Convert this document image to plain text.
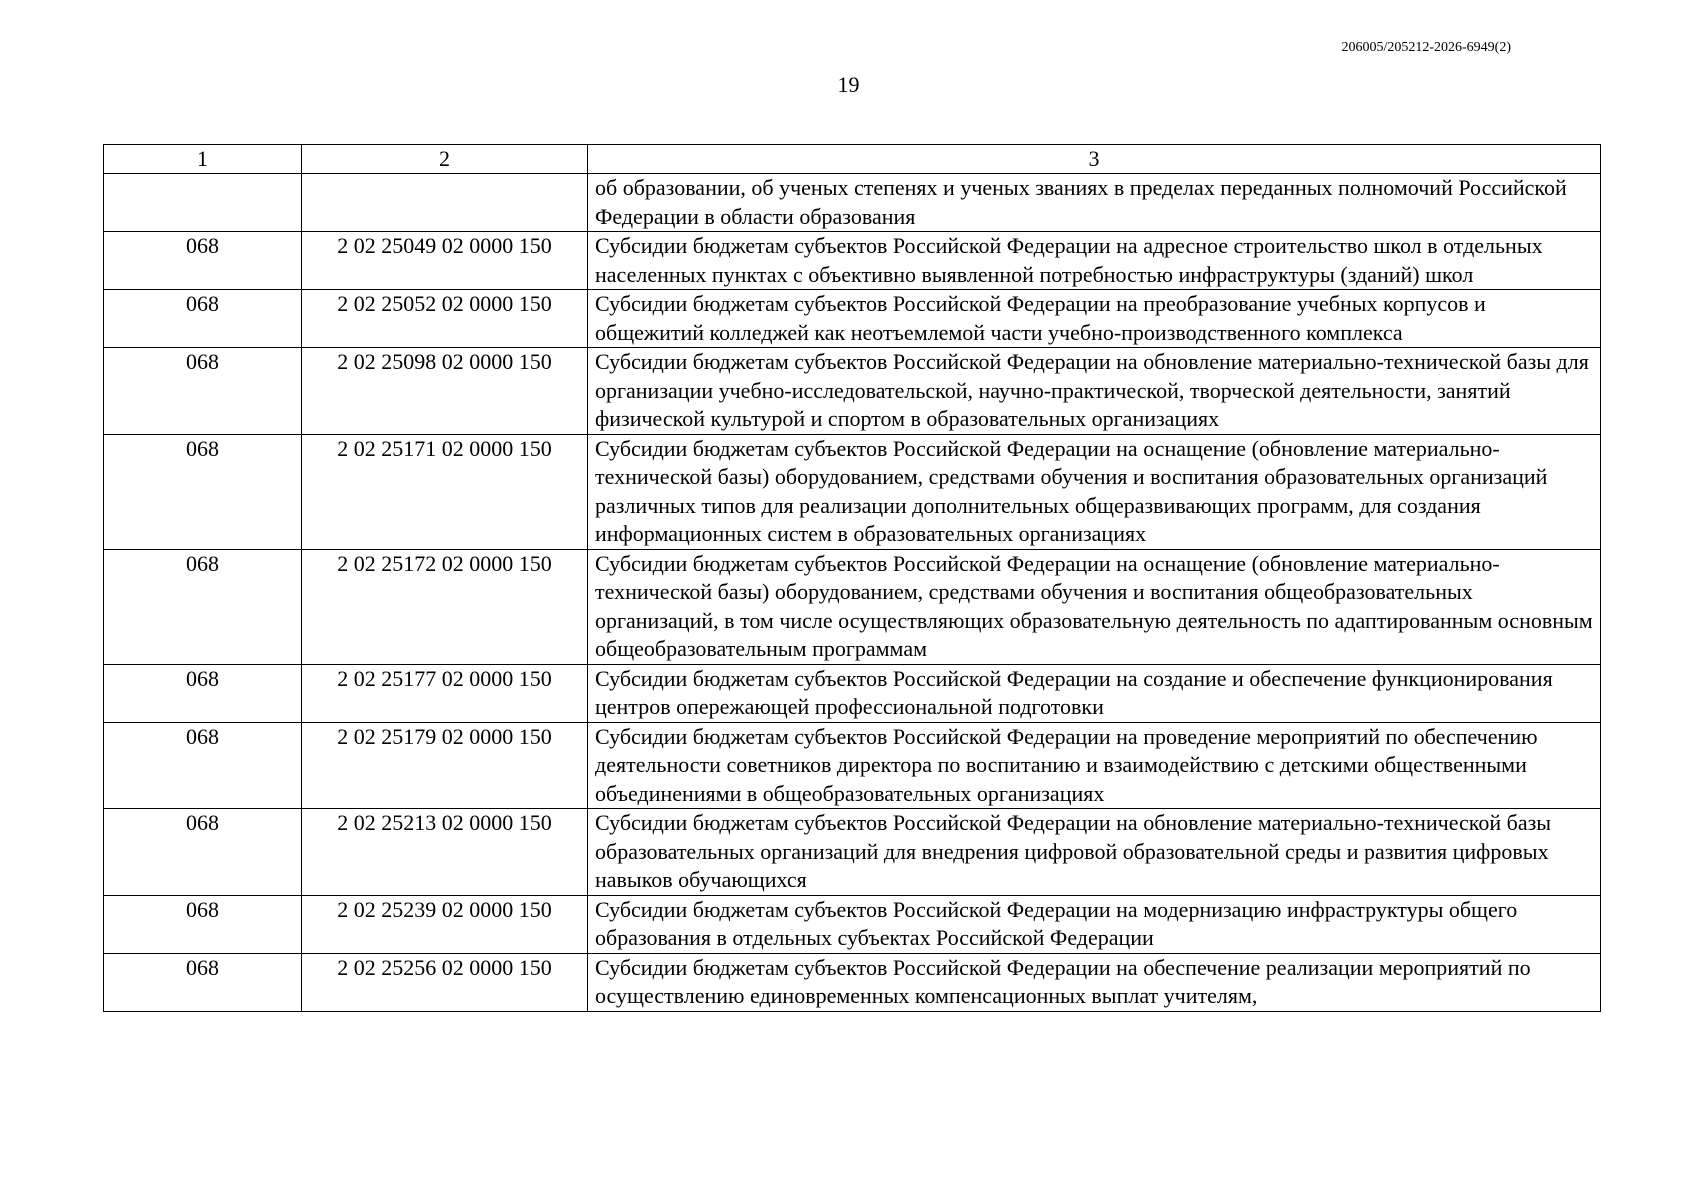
206005/205212-2026-6949(2)
19
1	2	3
		об образовании, об ученых степенях и ученых званиях в пределах переданных полномочий Российской Федерации в области образования
068	2 02 25049 02 0000 150	Субсидии бюджетам субъектов Российской Федерации на адресное строительство школ в отдельных населенных пунктах с объективно выявленной потребностью инфраструктуры (зданий) школ
068	2 02 25052 02 0000 150	Субсидии бюджетам субъектов Российской Федерации на преобразование учебных корпусов и общежитий колледжей как неотъемлемой части учебно-производственного комплекса
068	2 02 25098 02 0000 150	Субсидии бюджетам субъектов Российской Федерации на обновление материально-технической базы для организации учебно-исследовательской, научно-практической, творческой деятельности, занятий физической культурой и спортом в образовательных организациях
068	2 02 25171 02 0000 150	Субсидии бюджетам субъектов Российской Федерации на оснащение (обновление материально-технической базы) оборудованием, средствами обучения и воспитания образовательных организаций различных типов для реализации дополнительных общеразвивающих программ, для создания информационных систем в образовательных организациях
068	2 02 25172 02 0000 150	Субсидии бюджетам субъектов Российской Федерации на оснащение (обновление материально-технической базы) оборудованием, средствами обучения и воспитания общеобразовательных организаций, в том числе осуществляющих образовательную деятельность по адаптированным основным общеобразовательным программам
068	2 02 25177 02 0000 150	Субсидии бюджетам субъектов Российской Федерации на создание и обеспечение функционирования центров опережающей профессиональной подготовки
068	2 02 25179 02 0000 150	Субсидии бюджетам субъектов Российской Федерации на проведение мероприятий по обеспечению деятельности советников директора по воспитанию и взаимодействию с детскими общественными объединениями в общеобразовательных организациях
068	2 02 25213 02 0000 150	Субсидии бюджетам субъектов Российской Федерации на обновление материально-технической базы образовательных организаций для внедрения цифровой образовательной среды и развития цифровых навыков обучающихся
068	2 02 25239 02 0000 150	Субсидии бюджетам субъектов Российской Федерации на модернизацию инфраструктуры общего образования в отдельных субъектах Российской Федерации
068	2 02 25256 02 0000 150	Субсидии бюджетам субъектов Российской Федерации на обеспечение реализации мероприятий по осуществлению единовременных компенсационных выплат учителям,
